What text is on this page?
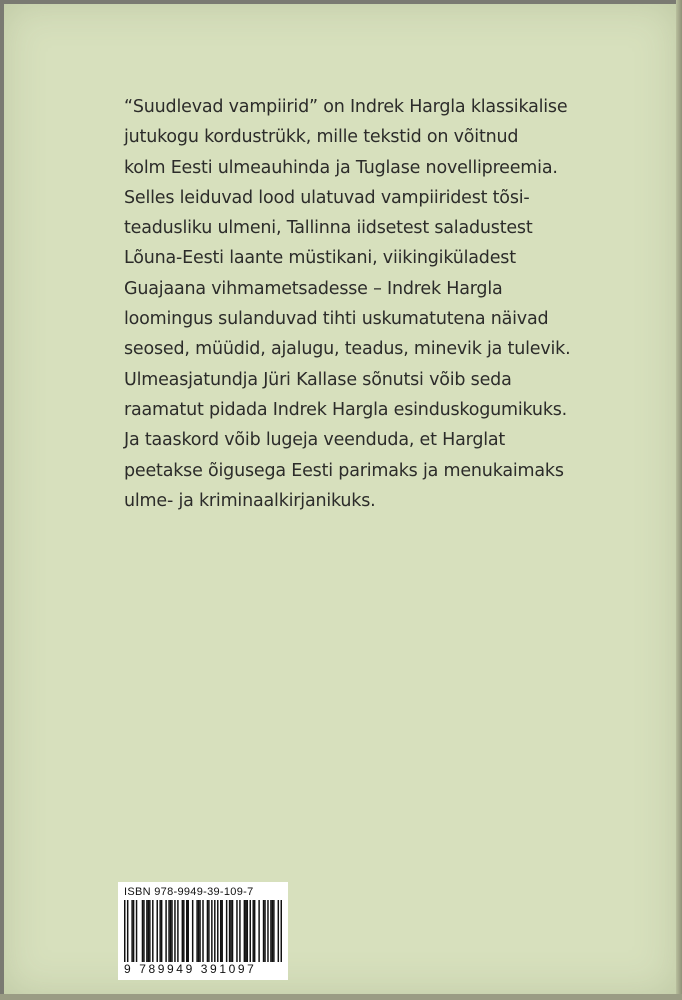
“Suudlevad vampiirid” on Indrek Hargla klassikalise
jutukogu kordustrükk, mille tekstid on võitnud
kolm Eesti ulmeauhinda ja Tuglase novellipreemia.
Selles leiduvad lood ulatuvad vampiiridest tõsi-
teadusliku ulmeni, Tallinna iidsetest saladustest
Lõuna-Eesti laante müstikani, viikingiküladest
Guajaana vihmametsadesse – Indrek Hargla
loomingus sulanduvad tihti uskumatutena näivad
seosed, müüdid, ajalugu, teadus, minevik ja tulevik.
Ulmeasjatundja Jüri Kallase sõnutsi võib seda
raamatut pidada Indrek Hargla esinduskogumikuks.
Ja taaskord võib lugeja veenduda, et Harglat
peetakse õigusega Eesti parimaks ja menukaimaks
ulme- ja kriminaalkirjanikuks.
ISBN 978-9949-39-109-7
9 789949 391097
